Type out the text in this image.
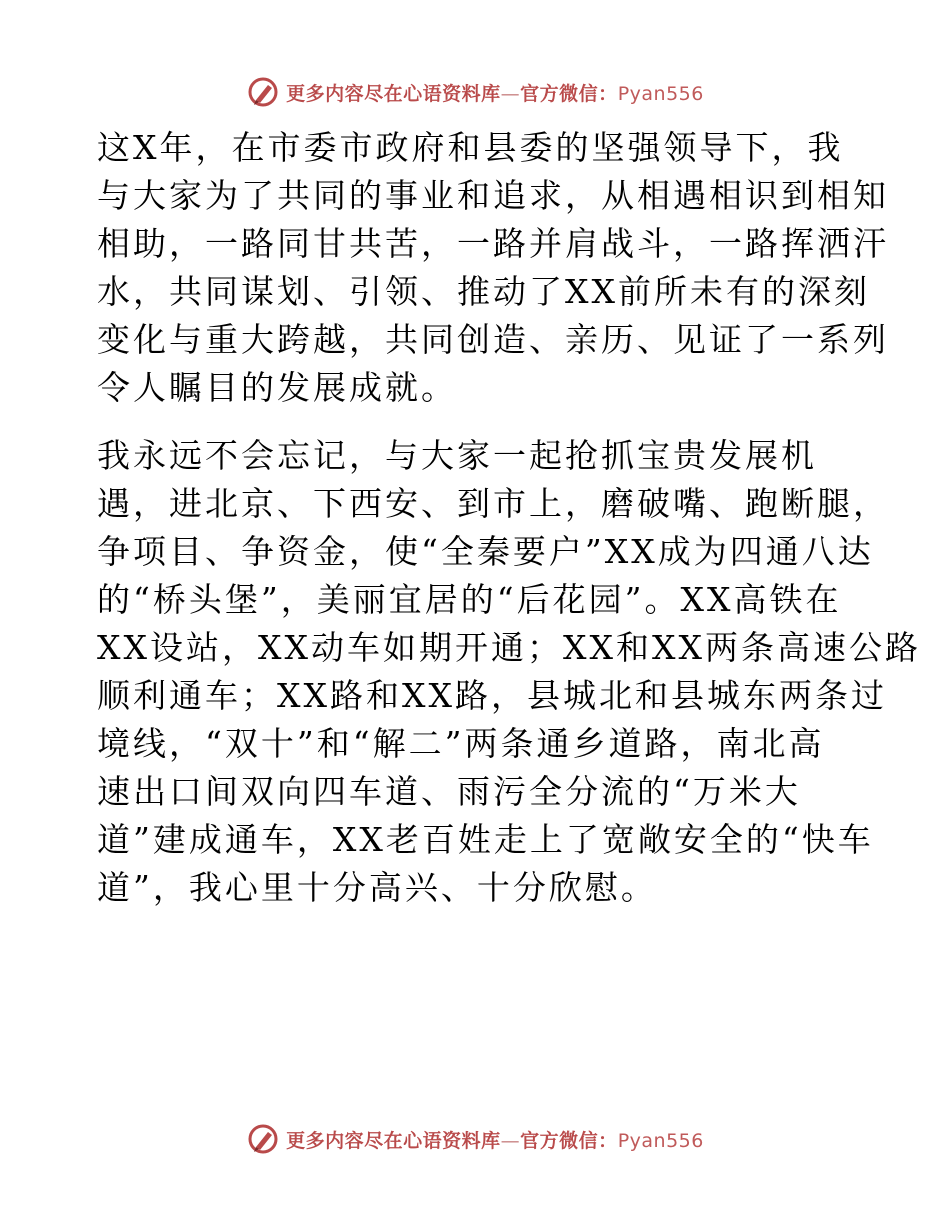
更多内容尽在心语资料库—官方微信：Pyan556
这X年，在市委市政府和县委的坚强领导下，我
与大家为了共同的事业和追求，从相遇相识到相知
相助，一路同甘共苦，一路并肩战斗，一路挥洒汗
水，共同谋划、引领、推动了XX前所未有的深刻
变化与重大跨越，共同创造、亲历、见证了一系列
令人瞩目的发展成就。
我永远不会忘记，与大家一起抢抓宝贵发展机
遇，进北京、下西安、到市上，磨破嘴、跑断腿，
争项目、争资金，使“全秦要户”XX成为四通八达
的“桥头堡”，美丽宜居的“后花园”。XX高铁在
XX设站，XX动车如期开通；XX和XX两条高速公路
顺利通车；XX路和XX路，县城北和县城东两条过
境线，“双十”和“解二”两条通乡道路，南北高
速出口间双向四车道、雨污全分流的“万米大
道”建成通车，XX老百姓走上了宽敞安全的“快车
道”，我心里十分高兴、十分欣慰。
更多内容尽在心语资料库—官方微信：Pyan556
